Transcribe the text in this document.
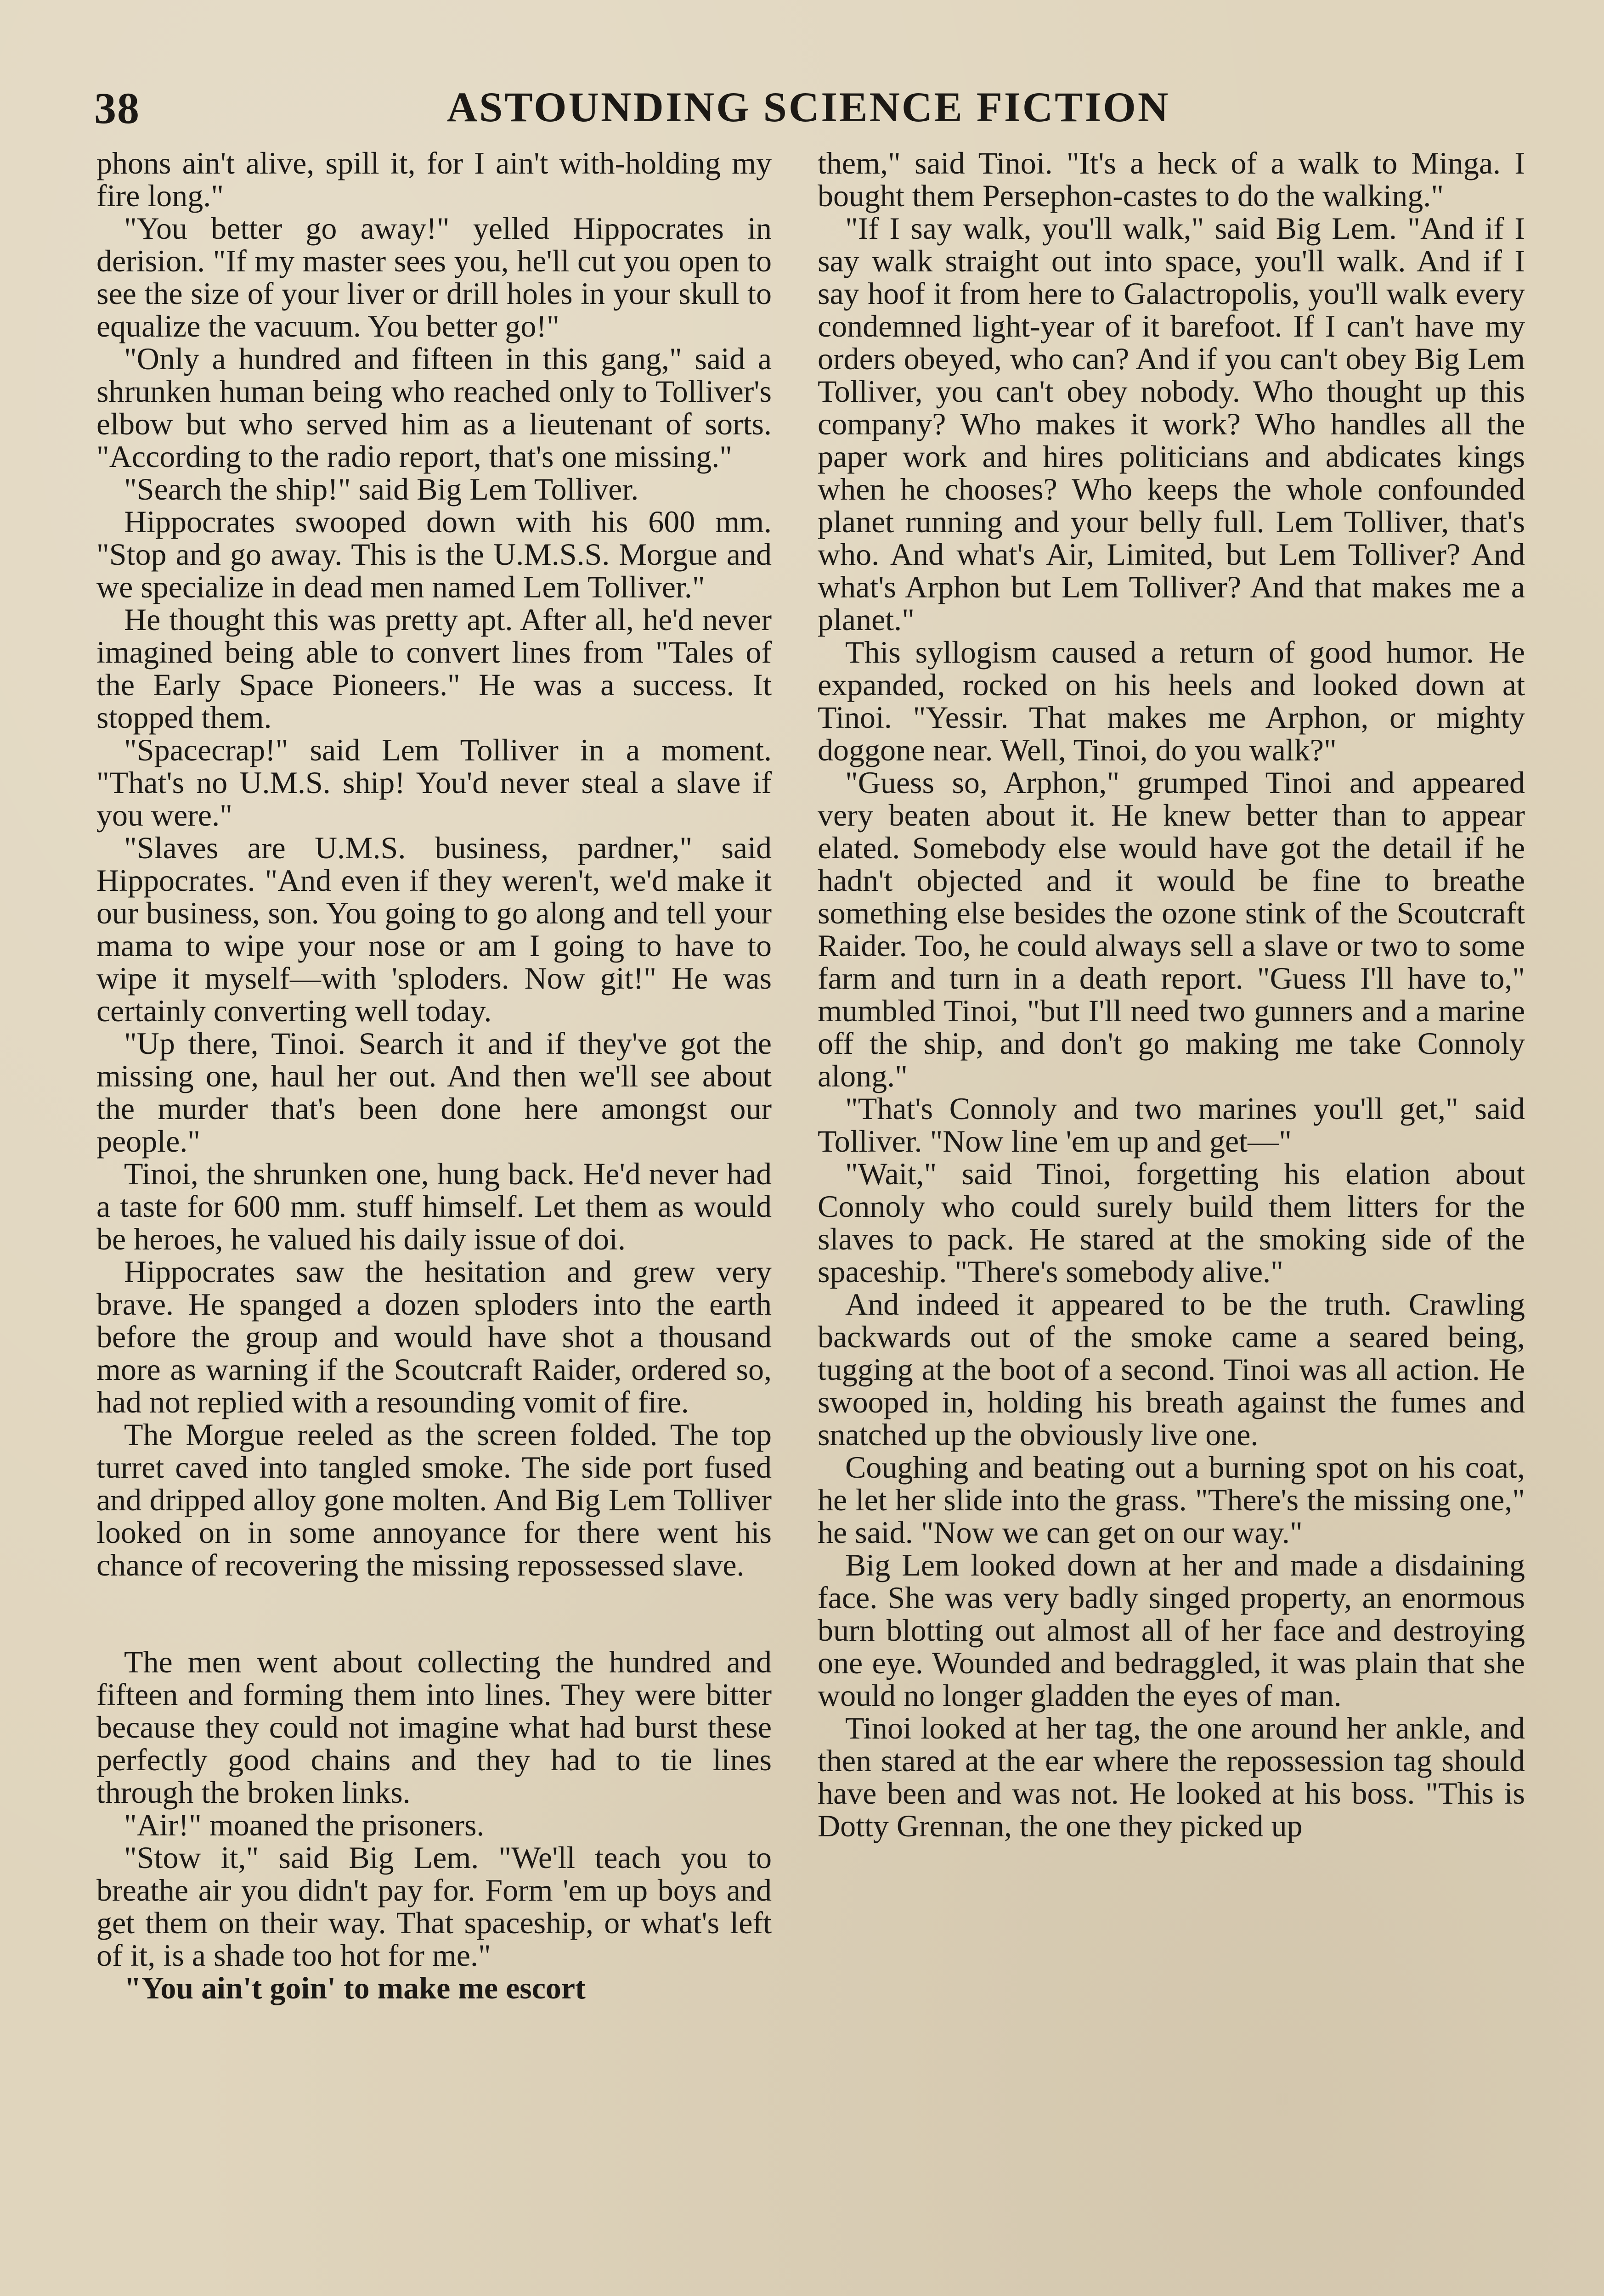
38	ASTOUNDING SCIENCE FICTION

phons ain't alive, spill it, for I ain't with-holding my fire long."

"You better go away!" yelled Hippocrates in derision. "If my master sees you, he'll cut you open to see the size of your liver or drill holes in your skull to equalize the vacuum. You better go!"

"Only a hundred and fifteen in this gang," said a shrunken human being who reached only to Tolliver's elbow but who served him as a lieutenant of sorts. "According to the radio report, that's one missing."

"Search the ship!" said Big Lem Tolliver.

Hippocrates swooped down with his 600 mm. "Stop and go away. This is the U.M.S.S. Morgue and we specialize in dead men named Lem Tolliver."

He thought this was pretty apt. After all, he'd never imagined being able to convert lines from "Tales of the Early Space Pioneers." He was a success. It stopped them.

"Spacecrap!" said Lem Tolliver in a moment. "That's no U.M.S. ship! You'd never steal a slave if you were."

"Slaves are U.M.S. business, pardner," said Hippocrates. "And even if they weren't, we'd make it our business, son. You going to go along and tell your mama to wipe your nose or am I going to have to wipe it myself—with 'sploders. Now git!" He was certainly converting well today.

"Up there, Tinoi. Search it and if they've got the missing one, haul her out. And then we'll see about the murder that's been done here amongst our people."

Tinoi, the shrunken one, hung back. He'd never had a taste for 600 mm. stuff himself. Let them as would be heroes, he valued his daily issue of doi.

Hippocrates saw the hesitation and grew very brave. He spanged a dozen sploders into the earth before the group and would have shot a thousand more as warning if the Scoutcraft Raider, ordered so, had not replied with a resounding vomit of fire.

The Morgue reeled as the screen folded. The top turret caved into tangled smoke. The side port fused and dripped alloy gone molten. And Big Lem Tolliver looked on in some annoyance for there went his chance of recovering the missing repossessed slave.

The men went about collecting the hundred and fifteen and forming them into lines. They were bitter because they could not imagine what had burst these perfectly good chains and they had to tie lines through the broken links.

"Air!" moaned the prisoners.

"Stow it," said Big Lem. "We'll teach you to breathe air you didn't pay for. Form 'em up boys and get them on their way. That spaceship, or what's left of it, is a shade too hot for me."

"You ain't goin' to make me escort

them," said Tinoi. "It's a heck of a walk to Minga. I bought them Persephon-castes to do the walking."

"If I say walk, you'll walk," said Big Lem. "And if I say walk straight out into space, you'll walk. And if I say hoof it from here to Galactropolis, you'll walk every condemned light-year of it barefoot. If I can't have my orders obeyed, who can? And if you can't obey Big Lem Tolliver, you can't obey nobody. Who thought up this company? Who makes it work? Who handles all the paper work and hires politicians and abdicates kings when he chooses? Who keeps the whole confounded planet running and your belly full. Lem Tolliver, that's who. And what's Air, Limited, but Lem Tolliver? And what's Arphon but Lem Tolliver? And that makes me a planet."

This syllogism caused a return of good humor. He expanded, rocked on his heels and looked down at Tinoi. "Yessir. That makes me Arphon, or mighty doggone near. Well, Tinoi, do you walk?"

"Guess so, Arphon," grumped Tinoi and appeared very beaten about it. He knew better than to appear elated. Somebody else would have got the detail if he hadn't objected and it would be fine to breathe something else besides the ozone stink of the Scoutcraft Raider. Too, he could always sell a slave or two to some farm and turn in a death report. "Guess I'll have to," mumbled Tinoi, "but I'll need two gunners and a marine off the ship, and don't go making me take Connoly along."

"That's Connoly and two marines you'll get," said Tolliver. "Now line 'em up and get—"

"Wait," said Tinoi, forgetting his elation about Connoly who could surely build them litters for the slaves to pack. He stared at the smoking side of the spaceship. "There's somebody alive."

And indeed it appeared to be the truth. Crawling backwards out of the smoke came a seared being, tugging at the boot of a second. Tinoi was all action. He swooped in, holding his breath against the fumes and snatched up the obviously live one.

Coughing and beating out a burning spot on his coat, he let her slide into the grass. "There's the missing one," he said. "Now we can get on our way."

Big Lem looked down at her and made a disdaining face. She was very badly singed property, an enormous burn blotting out almost all of her face and destroying one eye. Wounded and bedraggled, it was plain that she would no longer gladden the eyes of man.

Tinoi looked at her tag, the one around her ankle, and then stared at the ear where the repossession tag should have been and was not. He looked at his boss. "This is Dotty Grennan, the one they picked up
